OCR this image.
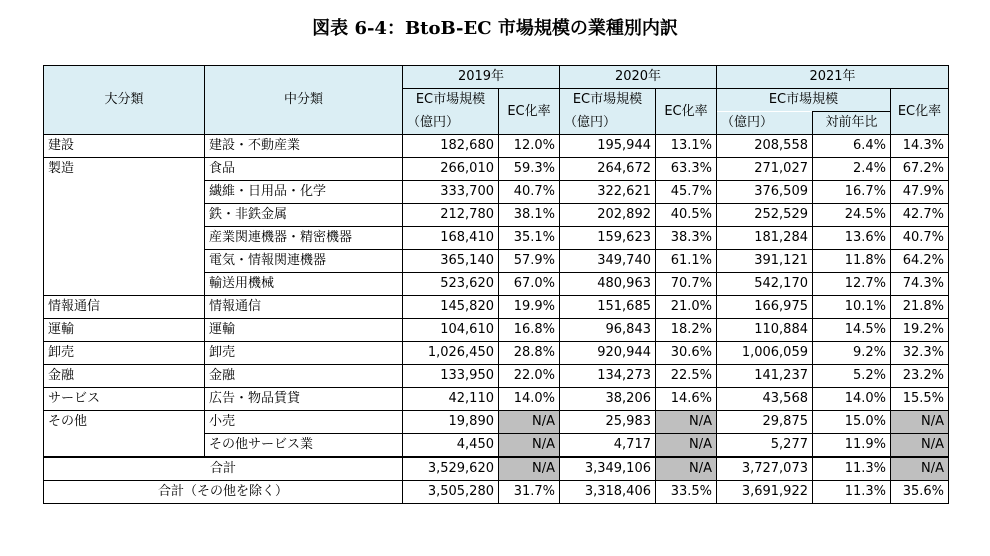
図表 6-4：BtoB-EC 市場規模の業種別内訳
大分類	中分類	2019年		2020年		2021年		
		EC市場規模	EC化率	EC市場規模	EC化率	EC市場規模		EC化率
		（億円）		（億円）		（億円）	対前年比	
建設	建設・不動産業	182,680	12.0%	195,944	13.1%	208,558	6.4%	14.3%
製造	食品	266,010	59.3%	264,672	63.3%	271,027	2.4%	67.2%
	繊維・日用品・化学	333,700	40.7%	322,621	45.7%	376,509	16.7%	47.9%
	鉄・非鉄金属	212,780	38.1%	202,892	40.5%	252,529	24.5%	42.7%
	産業関連機器・精密機器	168,410	35.1%	159,623	38.3%	181,284	13.6%	40.7%
	電気・情報関連機器	365,140	57.9%	349,740	61.1%	391,121	11.8%	64.2%
	輸送用機械	523,620	67.0%	480,963	70.7%	542,170	12.7%	74.3%
情報通信	情報通信	145,820	19.9%	151,685	21.0%	166,975	10.1%	21.8%
運輸	運輸	104,610	16.8%	96,843	18.2%	110,884	14.5%	19.2%
卸売	卸売	1,026,450	28.8%	920,944	30.6%	1,006,059	9.2%	32.3%
金融	金融	133,950	22.0%	134,273	22.5%	141,237	5.2%	23.2%
サービス	広告・物品賃貸	42,110	14.0%	38,206	14.6%	43,568	14.0%	15.5%
その他	小売	19,890	N/A	25,983	N/A	29,875	15.0%	N/A
	その他サービス業	4,450	N/A	4,717	N/A	5,277	11.9%	N/A
合計		3,529,620	N/A	3,349,106	N/A	3,727,073	11.3%	N/A
合計（その他を除く）		3,505,280	31.7%	3,318,406	33.5%	3,691,922	11.3%	35.6%
